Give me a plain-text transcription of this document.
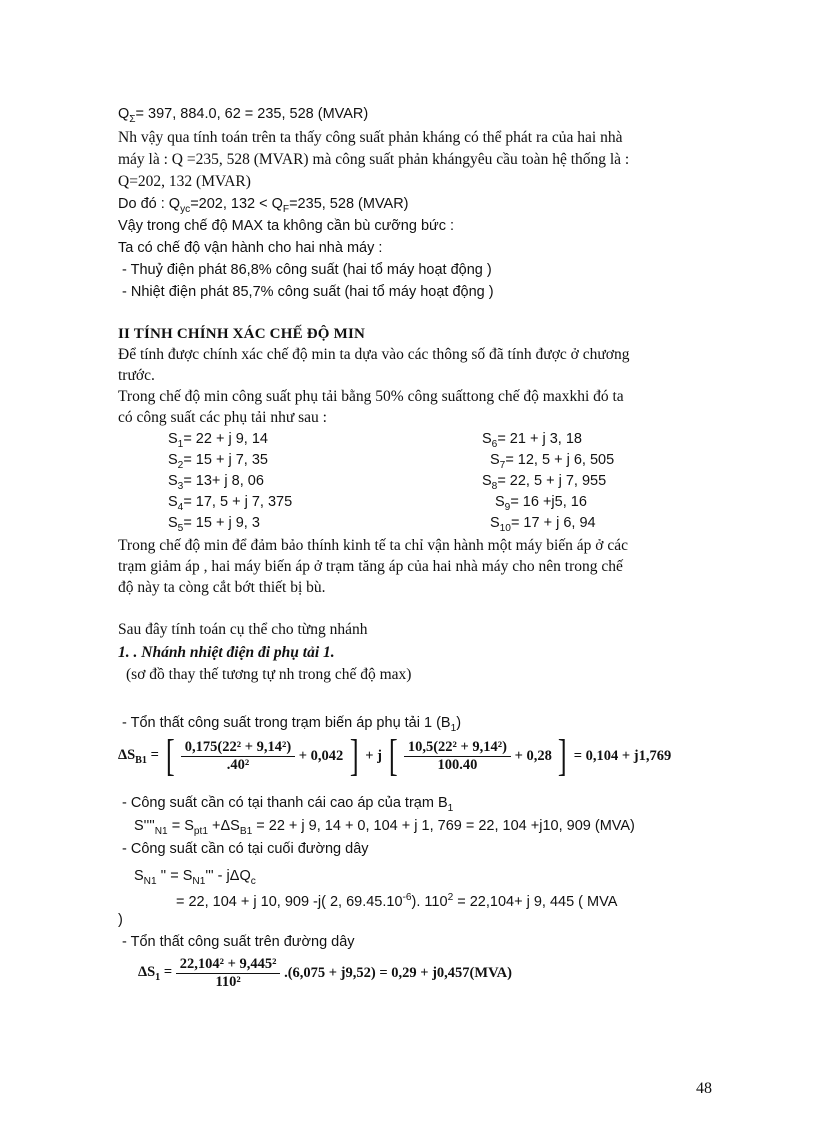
$Q_\Sigma= 397$, 884.0, 62 = 235, 528 (MVAR)
Nh vậy qua tính toán trên ta thấy công suất phản kháng có thể phát ra của hai nhà
máy là : Q =235, 528 (MVAR) mà công suất phản khángyêu cầu toàn hệ thống là :
Q=202, 132 (MVAR)
Do đó : $Q_{yc}=202$, $132 < Q_F=235$, 528 (MVAR)
Vậy trong chế độ MAX ta không cần bù cưỡng bức :
Ta có chế độ vận hành cho hai nhà máy :
- Thuỷ điện phát 86,8% công suất (hai tổ máy hoạt động )
- Nhiệt điện phát 85,7% công suất (hai tổ máy hoạt động )
II TÍNH CHÍNH XÁC CHẾ ĐỘ MIN
Để tính được chính xác chế độ min ta dựa vào các thông số đã tính được ở chương
trước.
Trong chế độ min công suất phụ tải bằng 50% công suấttong chế độ maxkhi đó ta
có công suất các phụ tải như sau :
$S_1= 22 + j$ 9, 14
$S_2= 15 + j$ 7, 35
$S_3= 13+ j$ 8, 06
$S_4= 17$, 5 + j 7, 375
$S_5= 15 + j$ 9, 3
$S_6= 21 + j$ 3, 18
$S_7= 12$, 5 + j 6, 505
$S_8= 22$, 5 + j 7, 955
$S_9= 16 +j5$, 16
$S_{10}= 17 + j$ 6, 94
Trong chế độ min để đảm bảo thính kinh tế ta chỉ vận hành một máy biến áp ở các
trạm giảm áp , hai máy biến áp ở trạm tăng áp của hai nhà máy cho nên trong chế
độ này ta còng cắt bớt thiết bị bù.
Sau đây tính toán cụ thể cho từng nhánh
1. . Nhánh nhiệt điện đi phụ tải 1.
(sơ đồ thay thế tương tự nh trong chế độ max)
- Tổn thất công suất trong trạm biến áp phụ tải 1 $(B_1)$
$\Delta S_{B1}$ = [ $\frac{\text{0,175(22² + 9,14²)}}{\text{.40²}} + 0,042$ ] + j [ $\frac{\text{10,5(22² + 9,14²)}}{100.40} + 0,28$ ] = 0,104 + j1,769
- Công suất cần có tại thanh cái cao áp của trạm $B_1$
$S''''_{N1} = S_{pt1} +\Delta S_{B1} = 22 + j$ 9, 14 + 0, 104 + j 1, 769 = 22, 104 +j10, 909 (MVA)
- Công suất cần có tại cuối đường dây
$S_{N1}$ '' = $S_{N1}''' - j\Delta Q_c$
= 22, 104 + j 10, 909 -j( 2, $69.45.10^{-6}$). $110^2 = 22,104+ j$ 9, 445 ( MVA
)
- Tổn thất công suất trên đường dây
$\Delta S_1 = \frac{\text{22,104² + 9,445²}}{\text{110²}} .(6,075 + j9,52) = 0,29 + j0,457(MVA)$
48
